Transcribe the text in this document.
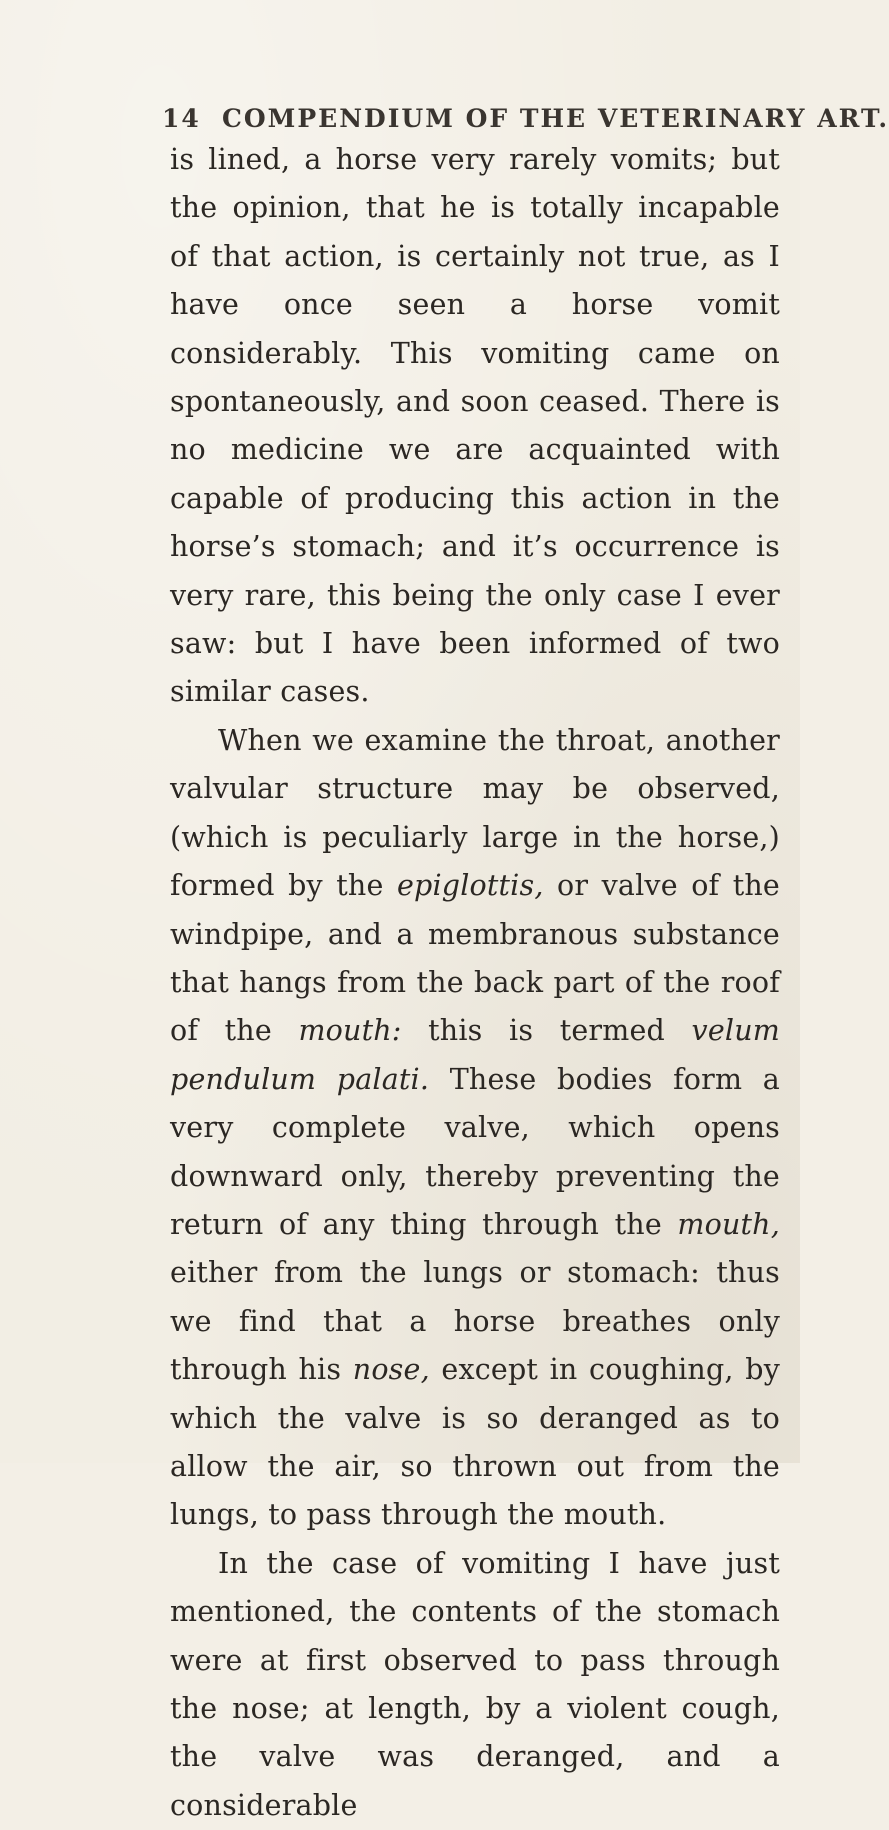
14 COMPENDIUM OF THE VETERINARY ART.

is lined, a horse very rarely vomits; but the opinion, that he is totally incapable of that action, is certainly not true, as I have once seen a horse vomit considerably. This vomiting came on spontaneously, and soon ceased. There is no medicine we are acquainted with capable of producing this action in the horse’s stomach; and it’s occurrence is very rare, this being the only case I ever saw: but I have been informed of two similar cases.

When we examine the throat, another valvular structure may be observed, (which is peculiarly large in the horse,) formed by the epiglottis, or valve of the windpipe, and a membranous substance that hangs from the back part of the roof of the mouth: this is termed velum pendulum palati. These bodies form a very complete valve, which opens downward only, thereby preventing the return of any thing through the mouth, either from the lungs or stomach: thus we find that a horse breathes only through his nose, except in coughing, by which the valve is so deranged as to allow the air, so thrown out from the lungs, to pass through the mouth.

In the case of vomiting I have just mentioned, the contents of the stomach were at first observed to pass through the nose; at length, by a violent cough, the valve was deranged, and a considerable
